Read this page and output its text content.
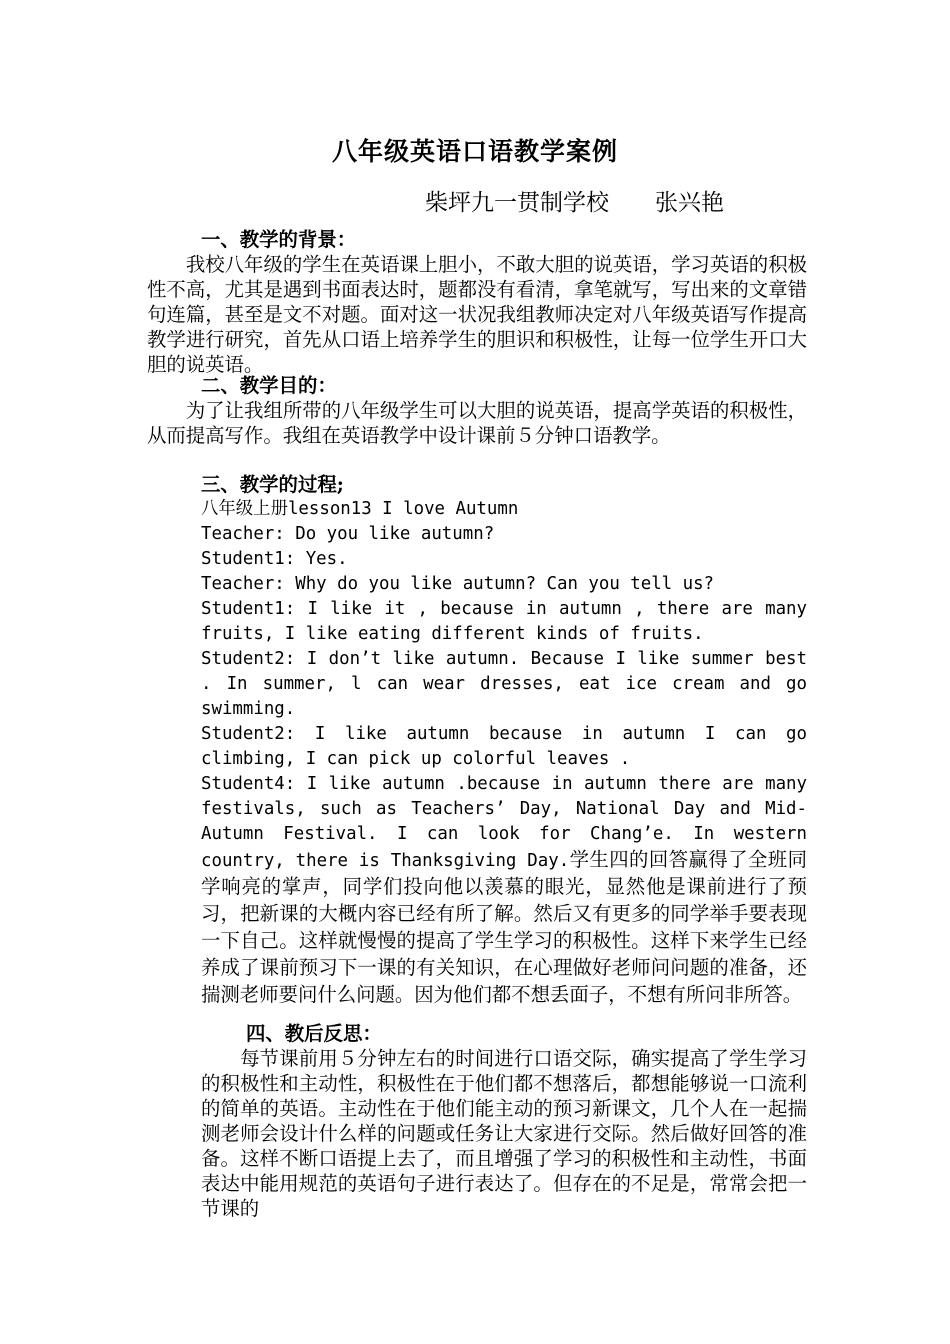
八年级英语口语教学案例
柴坪九一贯制学校　　张兴艳

一、教学的背景：

　　我校八年级的学生在英语课上胆小，不敢大胆的说英语，学习英语的积极性不高，尤其是遇到书面表达时，题都没有看清，拿笔就写，写出来的文章错句连篇，甚至是文不对题。面对这一状况我组教师决定对八年级英语写作提高教学进行研究，首先从口语上培养学生的胆识和积极性，让每一位学生开口大胆的说英语。

二、教学目的：

　　为了让我组所带的八年级学生可以大胆的说英语，提高学英语的积极性，从而提高写作。我组在英语教学中设计课前５分钟口语教学。

三、教学的过程;

八年级上册lesson13 I love Autumn

Teacher: Do you like autumn?

Student1: Yes.

Teacher: Why do you like autumn? Can you tell us?

Student1: I like it , because in autumn , there are many fruits, I like eating different kinds of fruits.

Student2: I don’t like autumn. Because I like summer best . In summer, l can wear dresses, eat ice cream and go swimming.

Student2: I like autumn because in autumn I can go climbing, I can pick up colorful leaves .

Student4: I like autumn .because in autumn there are many festivals, such as Teachers’ Day, National Day and Mid-Autumn Festival. I can look for Chang’e. In western country, there is Thanksgiving Day.学生四的回答赢得了全班同学响亮的掌声，同学们投向他以羡慕的眼光，显然他是课前进行了预习，把新课的大概内容已经有所了解。然后又有更多的同学举手要表现一下自己。这样就慢慢的提高了学生学习的积极性。这样下来学生已经养成了课前预习下一课的有关知识，在心理做好老师问问题的准备，还揣测老师要问什么问题。因为他们都不想丢面子，不想有所问非所答。

四、教后反思：

　　每节课前用５分钟左右的时间进行口语交际，确实提高了学生学习的积极性和主动性，积极性在于他们都不想落后，都想能够说一口流利的简单的英语。主动性在于他们能主动的预习新课文，几个人在一起揣测老师会设计什么样的问题或任务让大家进行交际。然后做好回答的准备。这样不断口语提上去了，而且增强了学习的积极性和主动性，书面表达中能用规范的英语句子进行表达了。但存在的不足是，常常会把一节课的
